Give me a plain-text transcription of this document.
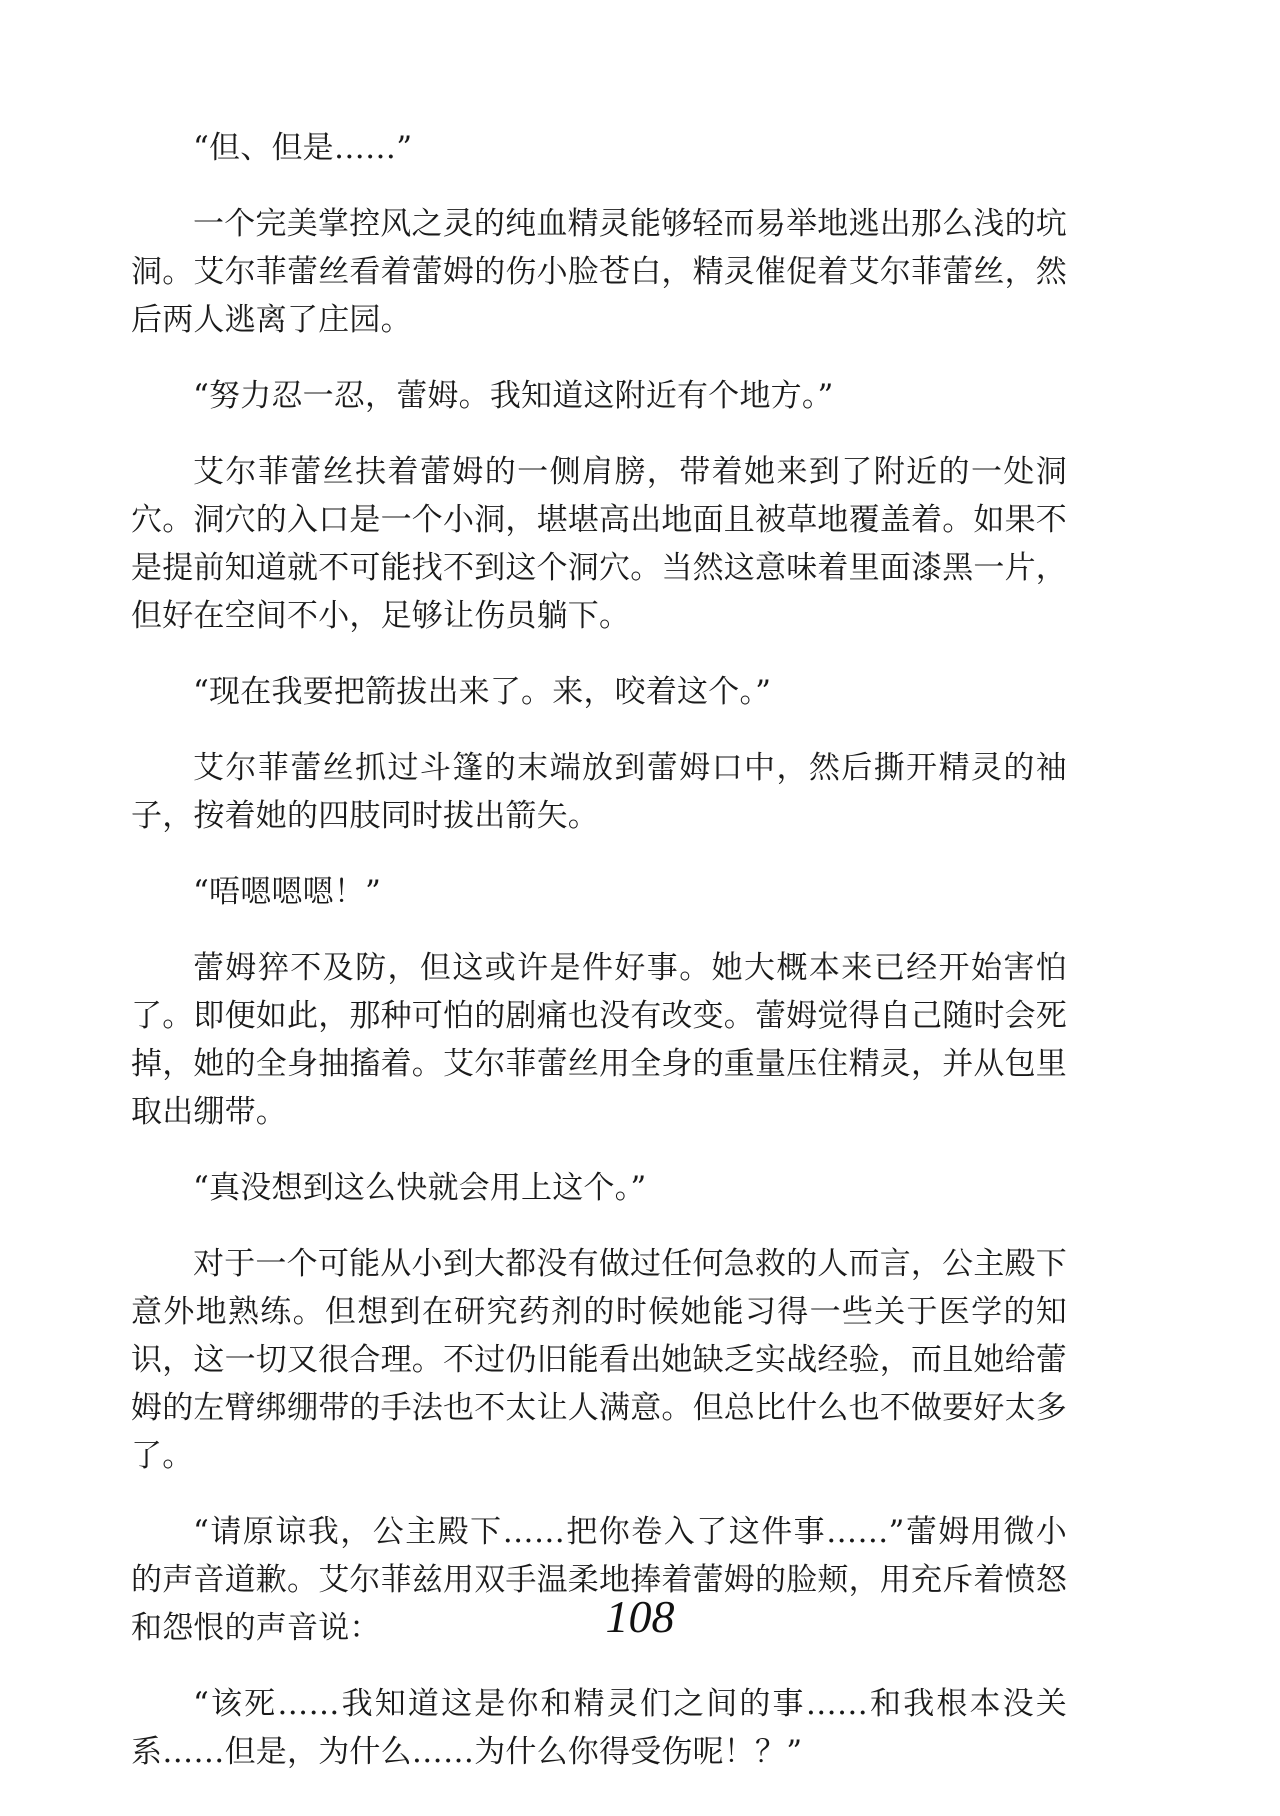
“但、但是……”

一个完美掌控风之灵的纯血精灵能够轻而易举地逃出那么浅的坑洞。艾尔菲蕾丝看着蕾姆的伤小脸苍白，精灵催促着艾尔菲蕾丝，然后两人逃离了庄园。

“努力忍一忍，蕾姆。我知道这附近有个地方。”

艾尔菲蕾丝扶着蕾姆的一侧肩膀，带着她来到了附近的一处洞穴。洞穴的入口是一个小洞，堪堪高出地面且被草地覆盖着。如果不是提前知道就不可能找不到这个洞穴。当然这意味着里面漆黑一片，但好在空间不小，足够让伤员躺下。

“现在我要把箭拔出来了。来，咬着这个。”

艾尔菲蕾丝抓过斗篷的末端放到蕾姆口中，然后撕开精灵的袖子，按着她的四肢同时拔出箭矢。

“唔嗯嗯嗯！”

蕾姆猝不及防，但这或许是件好事。她大概本来已经开始害怕了。即便如此，那种可怕的剧痛也没有改变。蕾姆觉得自己随时会死掉，她的全身抽搐着。艾尔菲蕾丝用全身的重量压住精灵，并从包里取出绷带。

“真没想到这么快就会用上这个。”

对于一个可能从小到大都没有做过任何急救的人而言，公主殿下意外地熟练。但想到在研究药剂的时候她能习得一些关于医学的知识，这一切又很合理。不过仍旧能看出她缺乏实战经验，而且她给蕾姆的左臂绑绷带的手法也不太让人满意。但总比什么也不做要好太多了。

“请原谅我，公主殿下……把你卷入了这件事……”蕾姆用微小的声音道歉。艾尔菲兹用双手温柔地捧着蕾姆的脸颊，用充斥着愤怒和怨恨的声音说：

“该死……我知道这是你和精灵们之间的事……和我根本没关系……但是，为什么……为什么你得受伤呢！？”

108
